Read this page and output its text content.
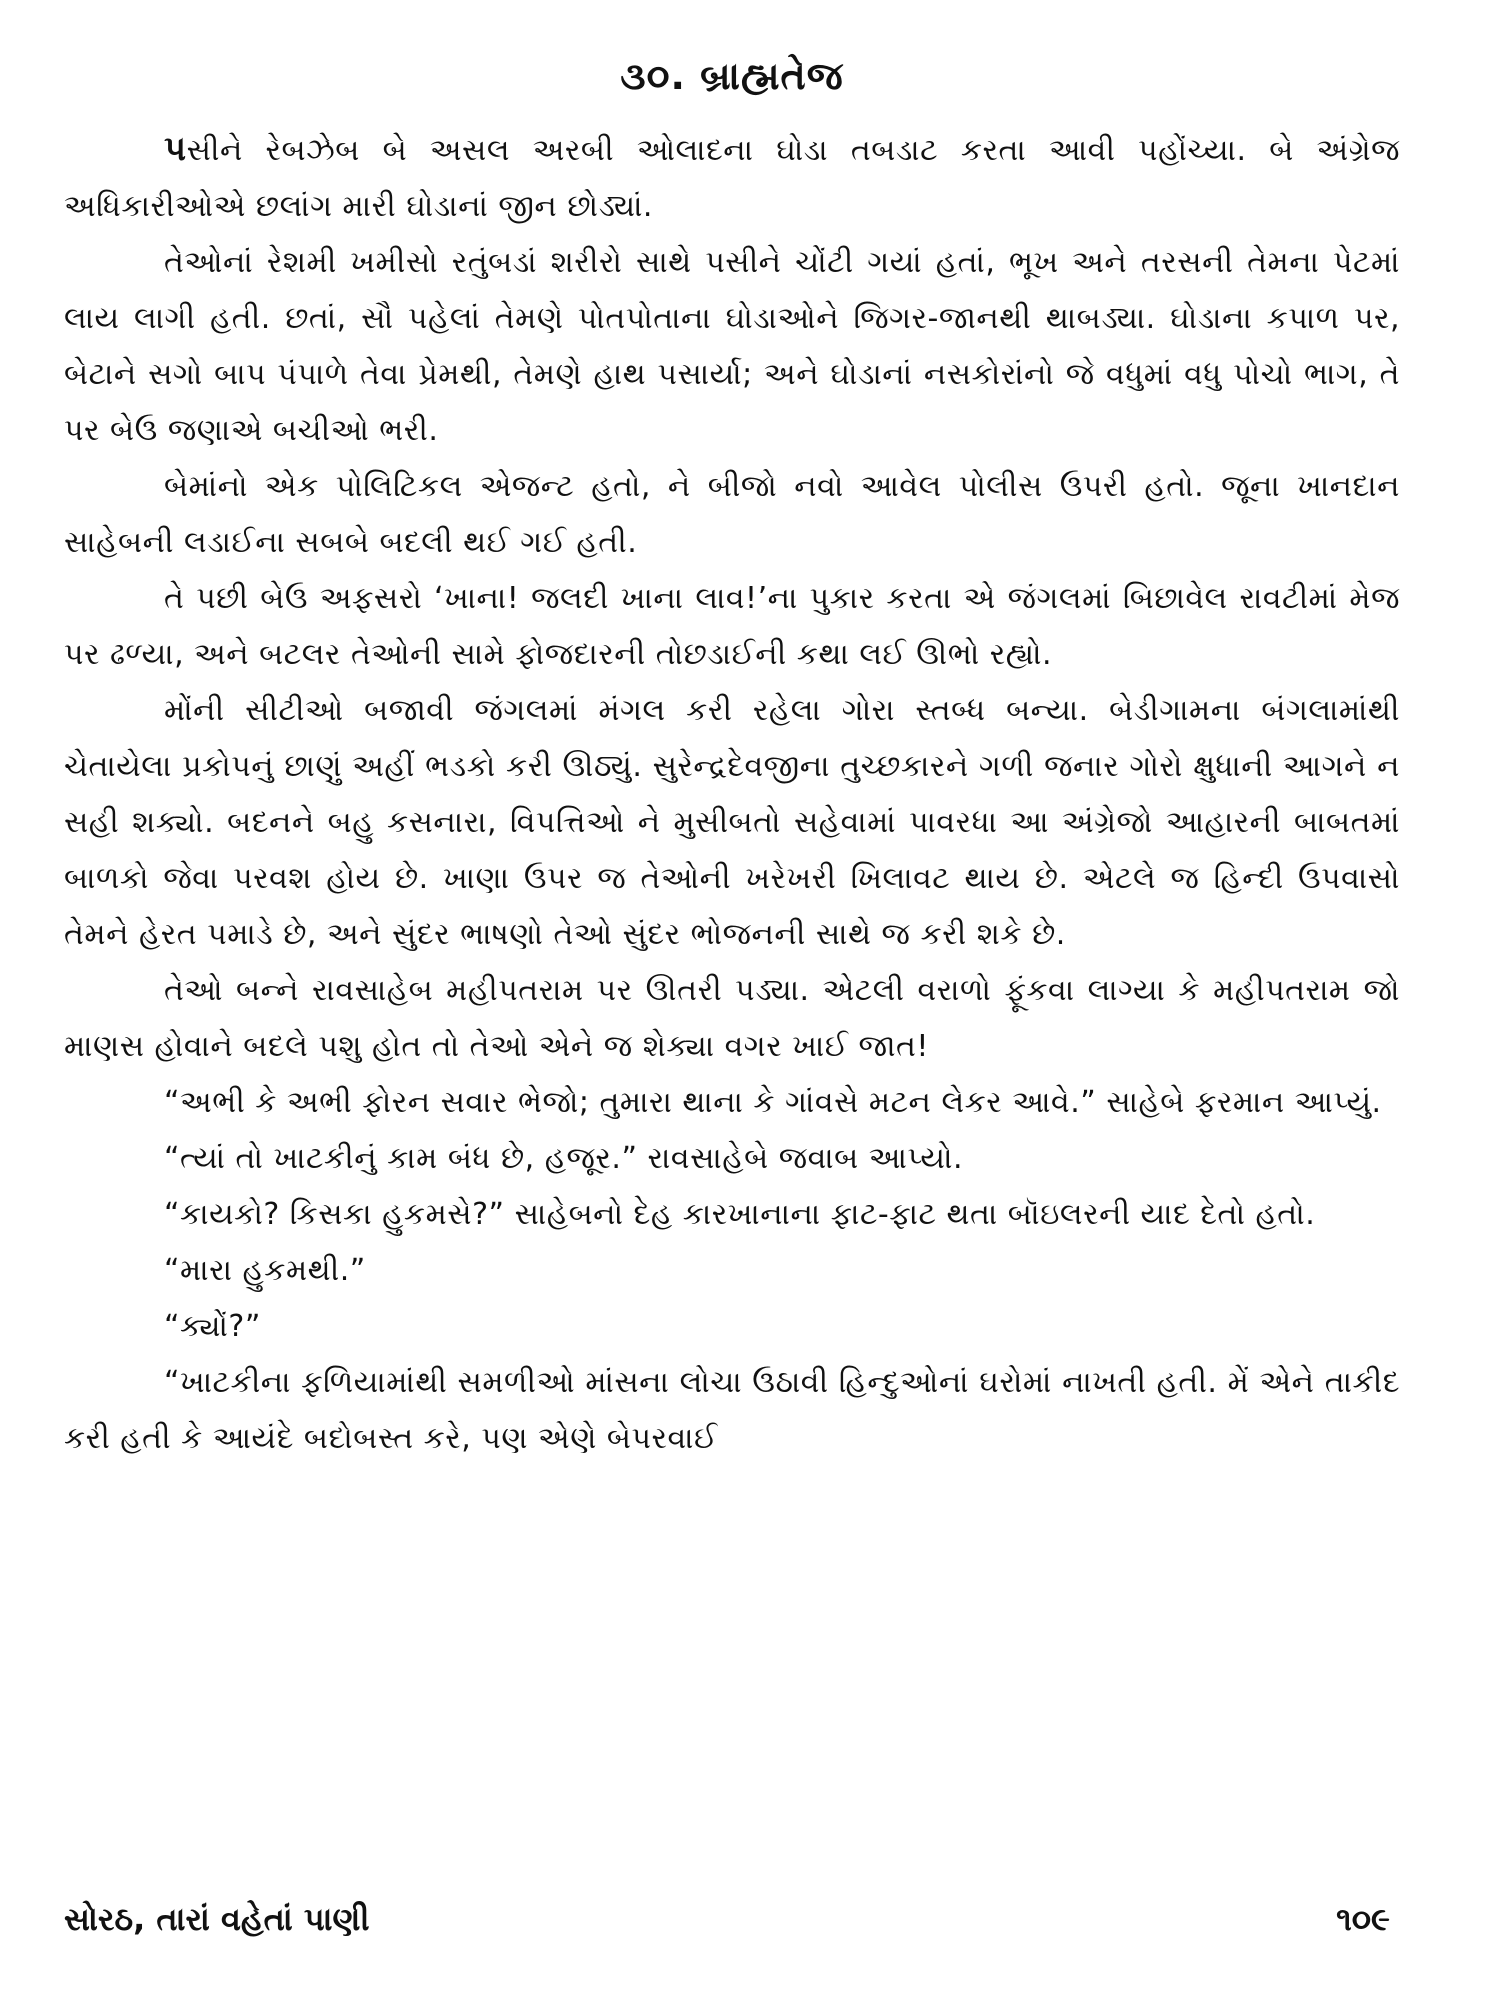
૩૦. બ્રાહ્મતેજ

પસીને રેબઝેબ બે અસલ અરબી ઓલાદના ઘોડા તબડાટ કરતા આવી પહોંચ્યા. બે અંગ્રેજ અધિકારીઓએ છલાંગ મારી ઘોડાનાં જીન છોડ્યાં.

તેઓનાં રેશમી ખમીસો રતુંબડાં શરીરો સાથે પસીને ચોંટી ગયાં હતાં, ભૂખ અને તરસની તેમના પેટમાં લાય લાગી હતી. છતાં, સૌ પહેલાં તેમણે પોતપોતાના ઘોડાઓને જિગર-જાનથી થાબડ્યા. ઘોડાના કપાળ પર, બેટાને સગો બાપ પંપાળે તેવા પ્રેમથી, તેમણે હાથ પસાર્યા; અને ઘોડાનાં નસકોરાંનો જે વધુમાં વધુ પોચો ભાગ, તે પર બેઉ જણાએ બચીઓ ભરી.

બેમાંનો એક પોલિટિકલ એજન્ટ હતો, ને બીજો નવો આવેલ પોલીસ ઉપરી હતો. જૂના ખાનદાન સાહેબની લડાઈના સબબે બદલી થઈ ગઈ હતી.

તે પછી બેઉ અફસરો ‘ખાના! જલદી ખાના લાવ!’ના પુકાર કરતા એ જંગલમાં બિછાવેલ રાવટીમાં મેજ પર ઢળ્યા, અને બટલર તેઓની સામે ફોજદારની તોછડાઈની કથા લઈ ઊભો રહ્યો.

મોંની સીટીઓ બજાવી જંગલમાં મંગલ કરી રહેલા ગોરા સ્તબ્ધ બન્યા. બેડીગામના બંગલામાંથી ચેતાયેલા પ્રકોપનું છાણું અહીં ભડકો કરી ઊઠ્યું. સુરેન્દ્રદેવજીના તુચ્છકારને ગળી જનાર ગોરો ક્ષુધાની આગને ન સહી શક્યો. બદનને બહુ કસનારા, વિપત્તિઓ ને મુસીબતો સહેવામાં પાવરધા આ અંગ્રેજો આહારની બાબતમાં બાળકો જેવા પરવશ હોય છે. ખાણા ઉપર જ તેઓની ખરેખરી ખિલાવટ થાય છે. એટલે જ હિન્દી ઉપવાસો તેમને હેરત પમાડે છે, અને સુંદર ભાષણો તેઓ સુંદર ભોજનની સાથે જ કરી શકે છે.

તેઓ બન્ને રાવસાહેબ મહીપતરામ પર ઊતરી પડ્યા. એટલી વરાળો ફૂંકવા લાગ્યા કે મહીપતરામ જો માણસ હોવાને બદલે પશુ હોત તો તેઓ એને જ શેક્યા વગર ખાઈ જાત!

“અભી કે અભી ફોરન સવાર ભેજો; તુમારા થાના કે ગાંવસે મટન લેકર આવે.” સાહેબે ફરમાન આપ્યું.

“ત્યાં તો ખાટકીનું કામ બંધ છે, હજૂર.” રાવસાહેબે જવાબ આપ્યો.

“કાયકો? કિસકા હુકમસે?” સાહેબનો દેહ કારખાનાના ફાટ-ફાટ થતા બૉઇલરની યાદ દેતો હતો.

“મારા હુકમથી.”

“ક્યોં?”

“ખાટકીના ફળિયામાંથી સમળીઓ માંસના લોચા ઉઠાવી હિન્દુઓનાં ઘરોમાં નાખતી હતી. મેં એને તાકીદ કરી હતી કે આયંદે બદોબસ્ત કરે, પણ એણે બેપરવાઈ

સોરઠ, તારાં વહેતાં પાણી	૧૦૯
